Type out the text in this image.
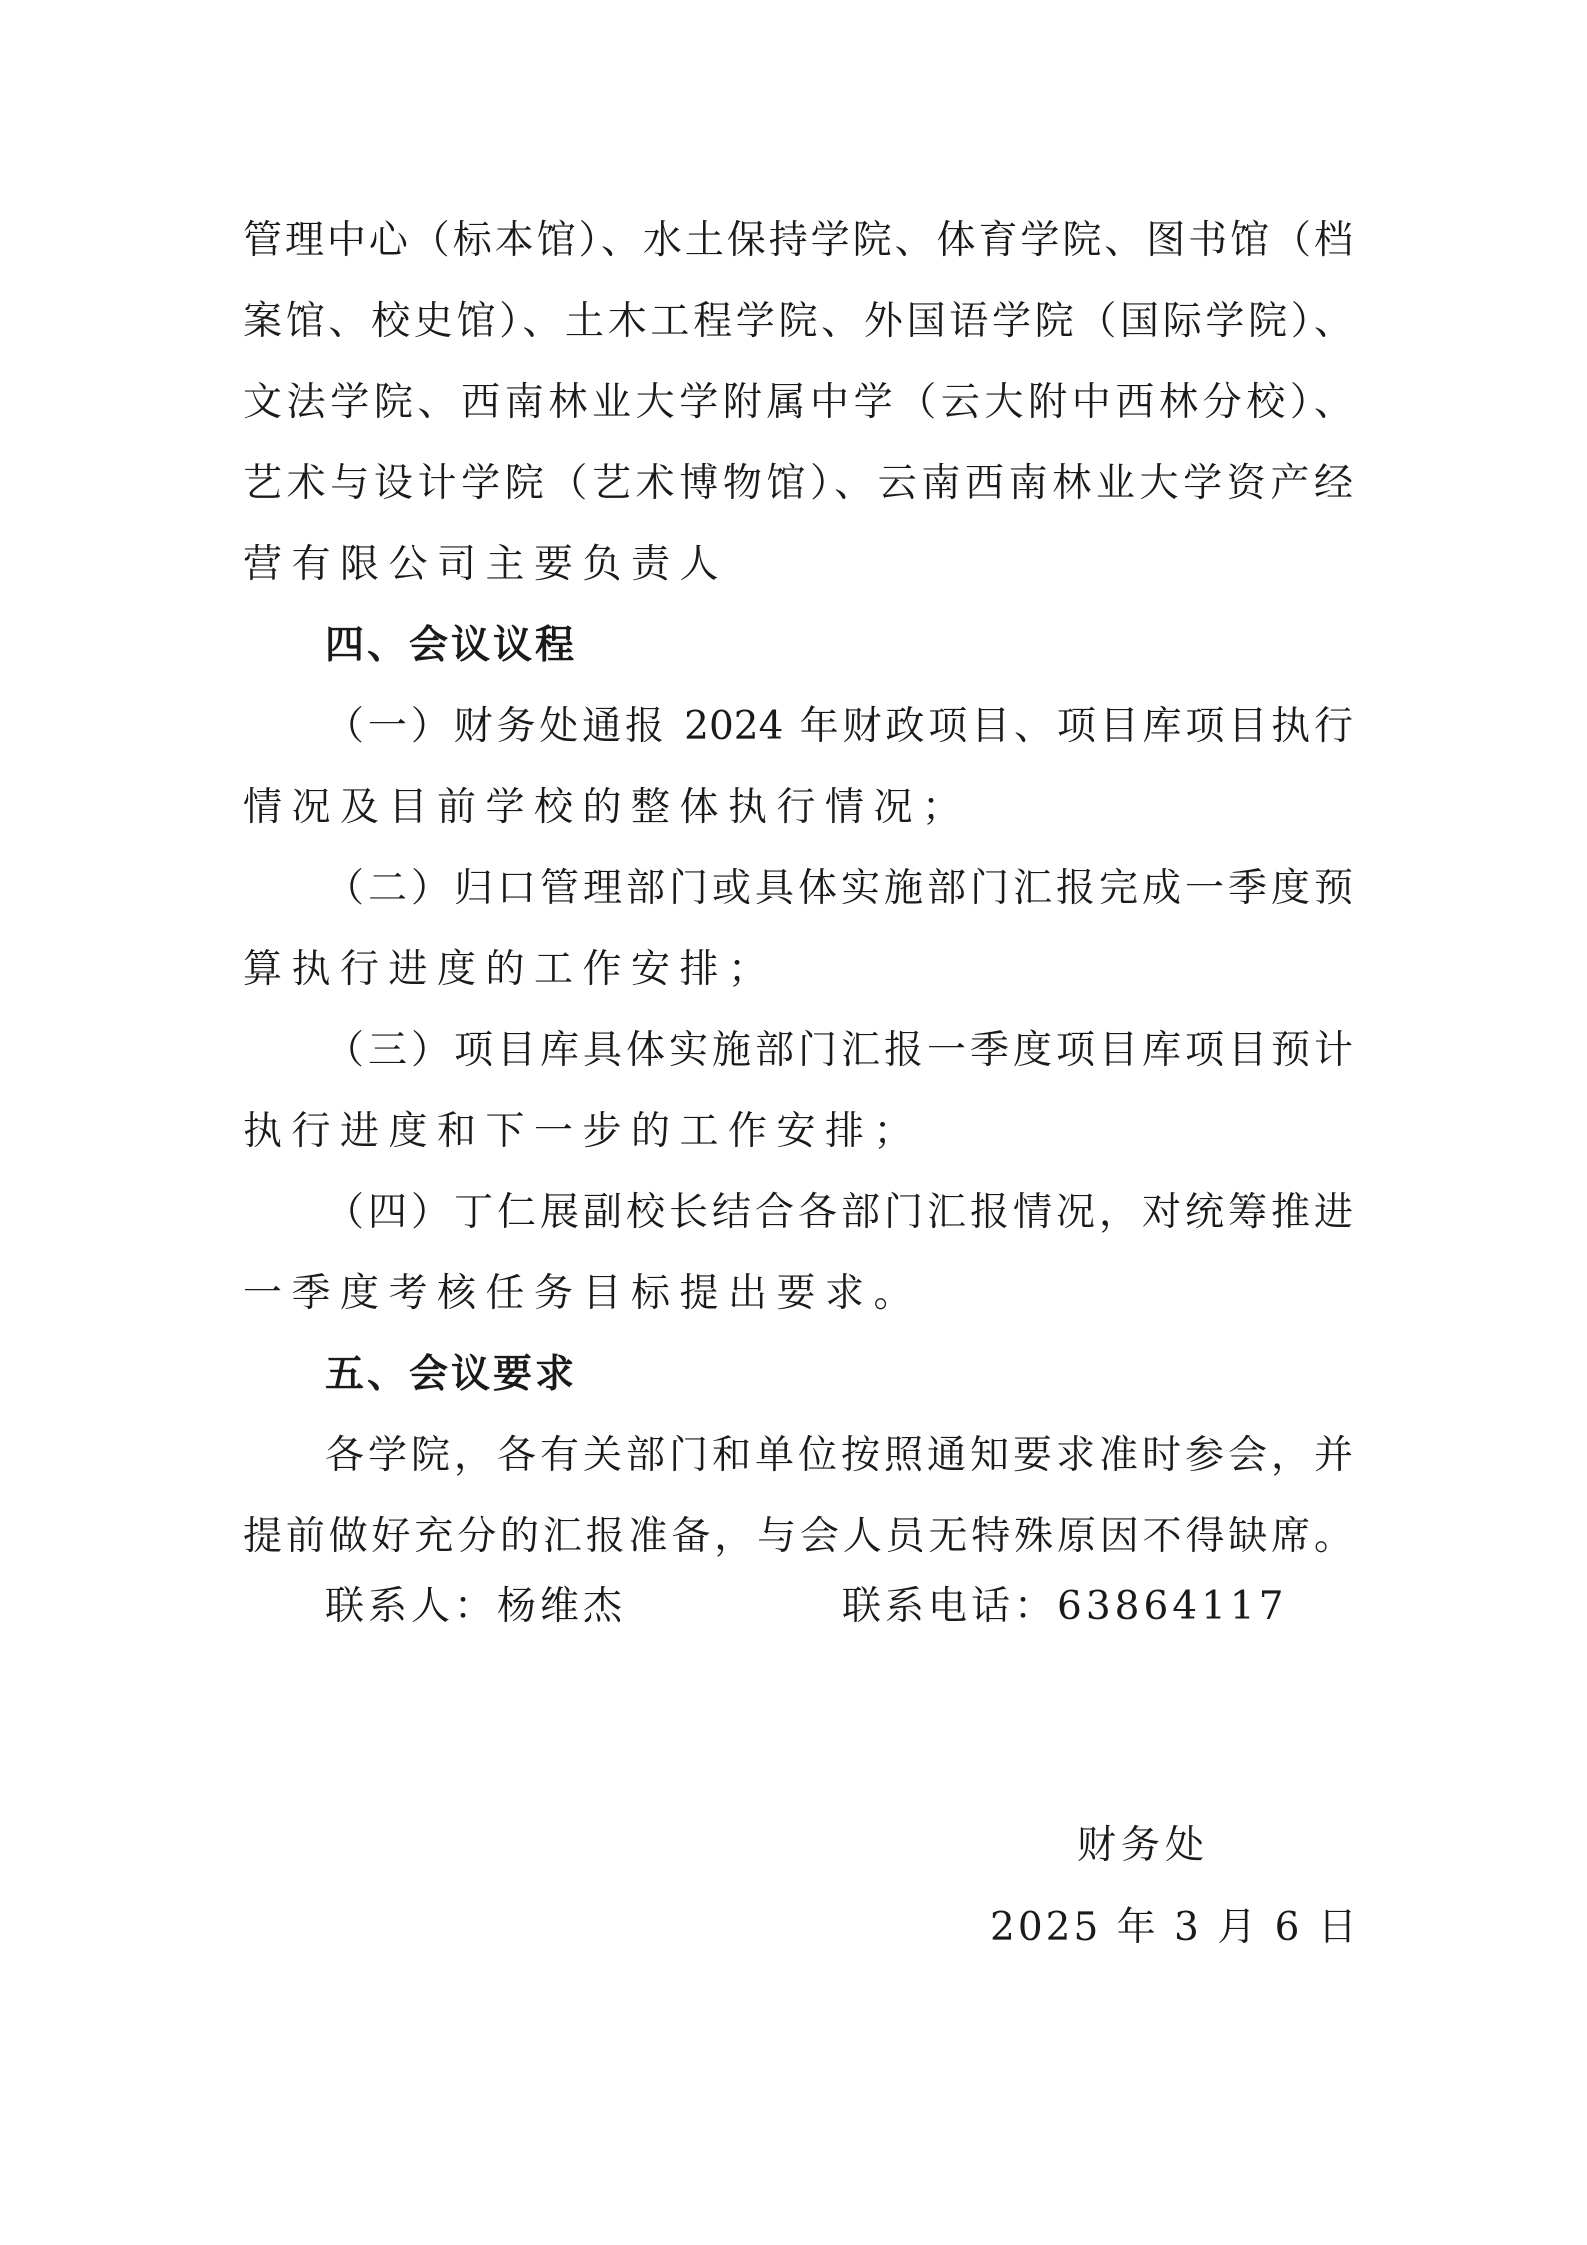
管理中心（标本馆）、水土保持学院、体育学院、图书馆（档
案馆、校史馆）、土木工程学院、外国语学院（国际学院）、
文法学院、西南林业大学附属中学（云大附中西林分校）、
艺术与设计学院（艺术博物馆）、云南西南林业大学资产经
营有限公司主要负责人
四、会议议程
（一）财务处通报 2024 年财政项目、项目库项目执行
情况及目前学校的整体执行情况；
（二）归口管理部门或具体实施部门汇报完成一季度预
算执行进度的工作安排；
（三）项目库具体实施部门汇报一季度项目库项目预计
执行进度和下一步的工作安排；
（四）丁仁展副校长结合各部门汇报情况，对统筹推进
一季度考核任务目标提出要求。
五、会议要求
各学院，各有关部门和单位按照通知要求准时参会，并
提前做好充分的汇报准备，与会人员无特殊原因不得缺席。
联系人：杨维杰	联系电话：63864117
财务处
2025 年 3 月 6 日
